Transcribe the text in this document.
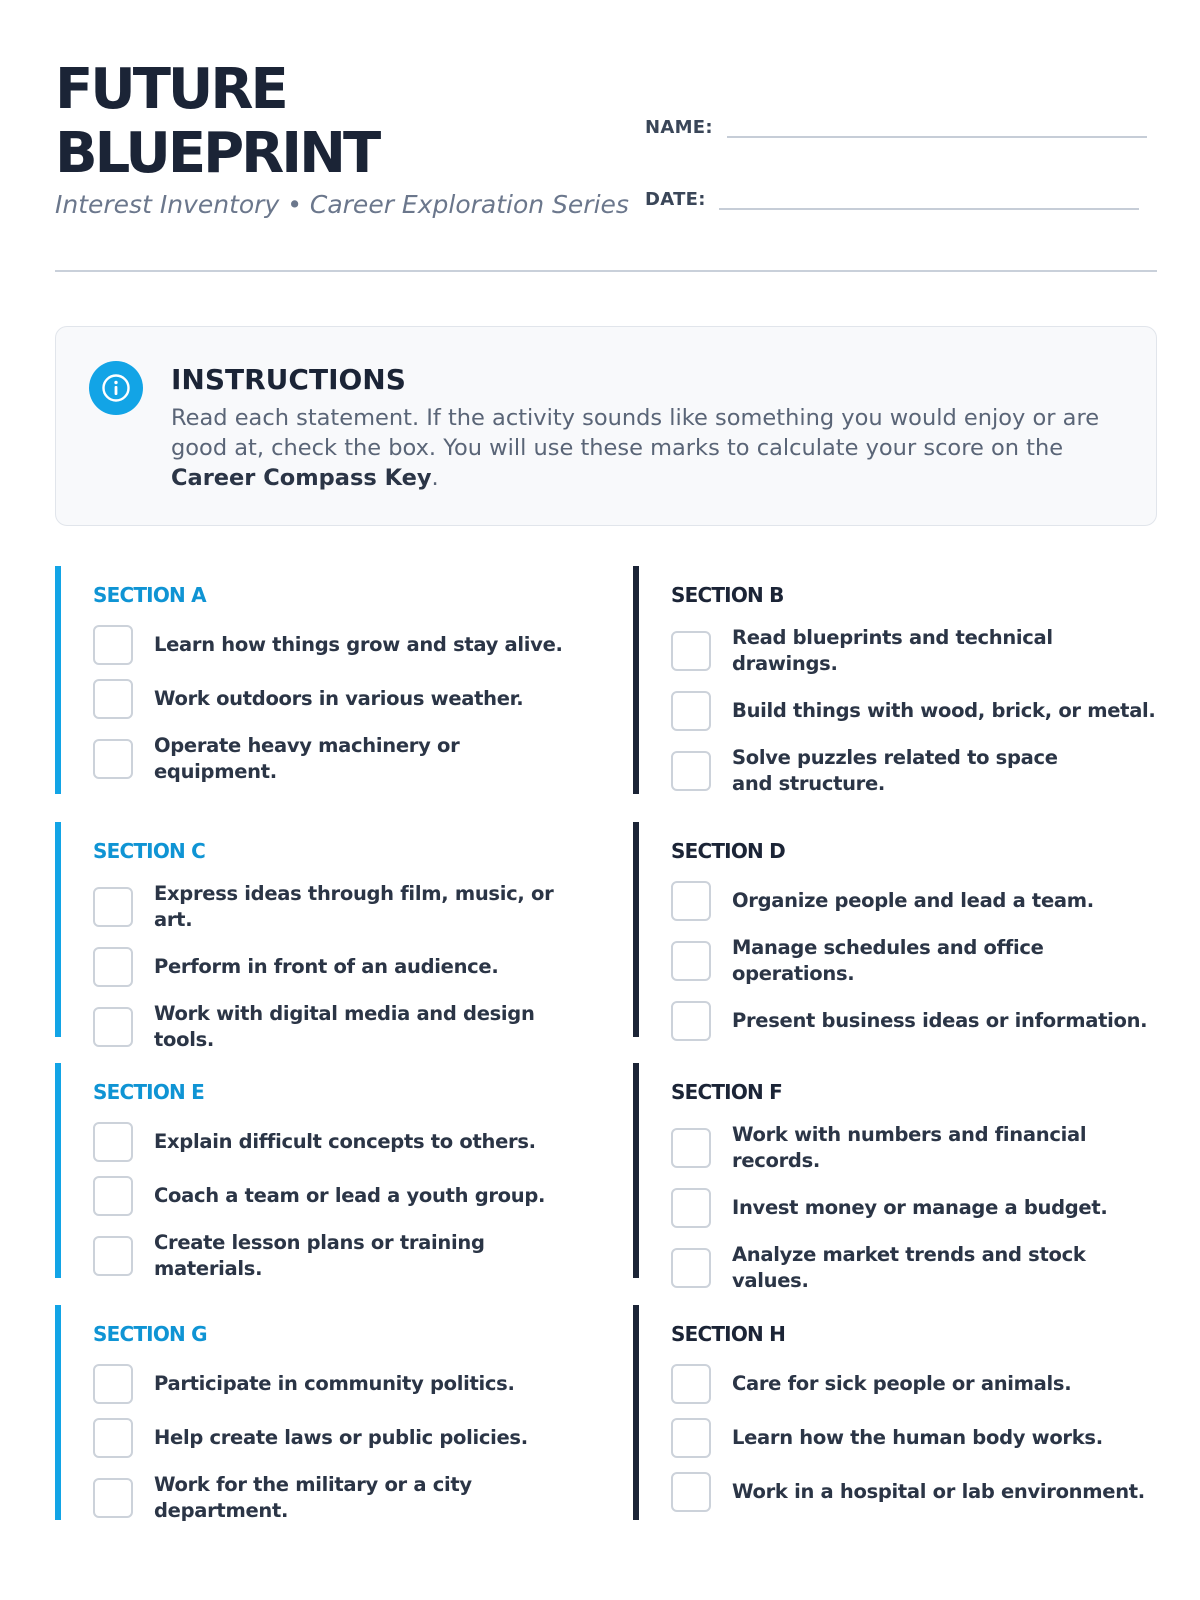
FUTURE
BLUEPRINT
Interest Inventory • Career Exploration Series
NAME:
DATE:
INSTRUCTIONS
Read each statement. If the activity sounds like something you would enjoy or are good at, check the box. You will use these marks to calculate your score on the Career Compass Key.
SECTION A
Learn how things grow and stay alive.
Work outdoors in various weather.
Operate heavy machinery or equipment.
SECTION B
Read blueprints and technical drawings.
Build things with wood, brick, or metal.
Solve puzzles related to space and structure.
SECTION C
Express ideas through film, music, or art.
Perform in front of an audience.
Work with digital media and design tools.
SECTION D
Organize people and lead a team.
Manage schedules and office operations.
Present business ideas or information.
SECTION E
Explain difficult concepts to others.
Coach a team or lead a youth group.
Create lesson plans or training materials.
SECTION F
Work with numbers and financial records.
Invest money or manage a budget.
Analyze market trends and stock values.
SECTION G
Participate in community politics.
Help create laws or public policies.
Work for the military or a city department.
SECTION H
Care for sick people or animals.
Learn how the human body works.
Work in a hospital or lab environment.
